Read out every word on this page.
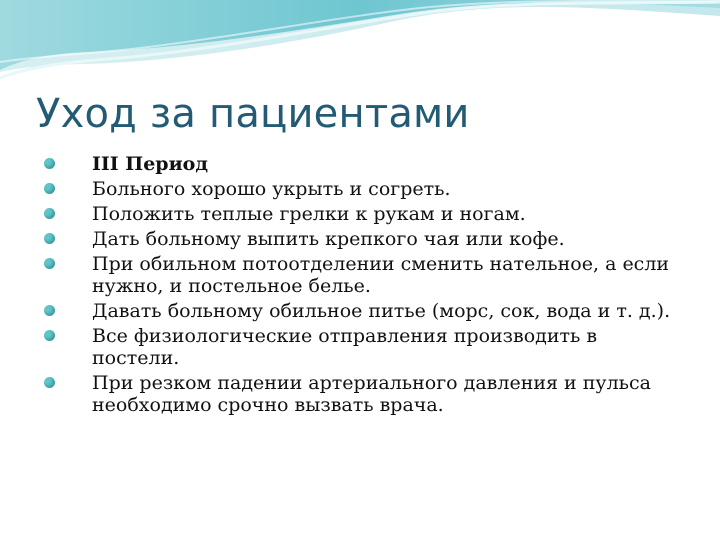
Уход за пациентами
III Период
Больного хорошо укрыть и согреть.
Положить теплые грелки к рукам и ногам.
Дать больному выпить крепкого чая или кофе.
При обильном потоотделении сменить нательное, а если нужно, и постельное белье.
Давать больному обильное питье (морс, сок, вода и т. д.).
Все физиологические отправления производить в постели.
При резком падении артериального давления и пульса необходимо срочно вызвать врача.
